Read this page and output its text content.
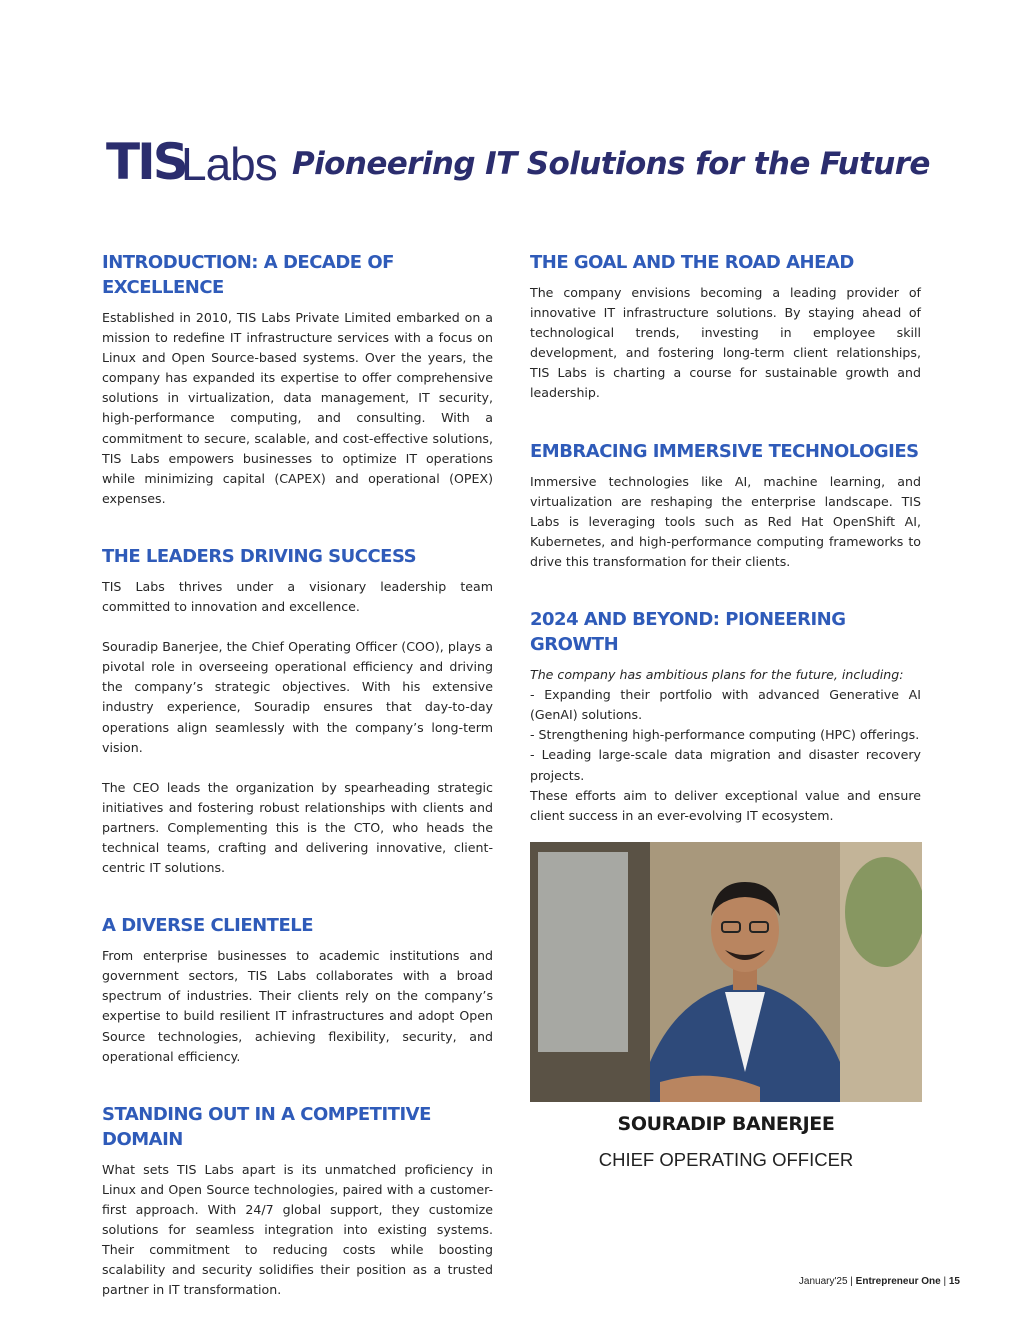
TIS
Labs Pioneering IT Solutions for the Future
INTRODUCTION: A DECADE OF EXCELLENCE

Established in 2010, TIS Labs Private Limited embarked on a mission to redefine IT infrastructure services with a focus on Linux and Open Source-based systems. Over the years, the company has expanded its expertise to offer comprehensive solutions in virtualization, data management, IT security, high-performance computing, and consulting. With a commitment to secure, scalable, and cost-effective solutions, TIS Labs empowers businesses to optimize IT operations while minimizing capital (CAPEX) and operational (OPEX) expenses.

THE LEADERS DRIVING SUCCESS

TIS Labs thrives under a visionary leadership team committed to innovation and excellence.

Souradip Banerjee, the Chief Operating Officer (COO), plays a pivotal role in overseeing operational efficiency and driving the company’s strategic objectives. With his extensive industry experience, Souradip ensures that day-to-day operations align seamlessly with the company’s long-term vision.

The CEO leads the organization by spearheading strategic initiatives and fostering robust relationships with clients and partners. Complementing this is the CTO, who heads the technical teams, crafting and delivering innovative, client-centric IT solutions.

A DIVERSE CLIENTELE

From enterprise businesses to academic institutions and government sectors, TIS Labs collaborates with a broad spectrum of industries. Their clients rely on the company’s expertise to build resilient IT infrastructures and adopt Open Source technologies, achieving flexibility, security, and operational efficiency.

STANDING OUT IN A COMPETITIVE DOMAIN

What sets TIS Labs apart is its unmatched proficiency in Linux and Open Source technologies, paired with a customer-first approach. With 24/7 global support, they customize solutions for seamless integration into existing systems. Their commitment to reducing costs while boosting scalability and security solidifies their position as a trusted partner in IT transformation.

THE GOAL AND THE ROAD AHEAD

The company envisions becoming a leading provider of innovative IT infrastructure solutions. By staying ahead of technological trends, investing in employee skill development, and fostering long-term client relationships, TIS Labs is charting a course for sustainable growth and leadership.

EMBRACING IMMERSIVE TECHNOLOGIES

Immersive technologies like AI, machine learning, and virtualization are reshaping the enterprise landscape. TIS Labs is leveraging tools such as Red Hat OpenShift AI, Kubernetes, and high-performance computing frameworks to drive this transformation for their clients.

2024 AND BEYOND: PIONEERING GROWTH

The company has ambitious plans for the future, including:

- Expanding their portfolio with advanced Generative AI (GenAI) solutions.

- Strengthening high-performance computing (HPC) offerings.

- Leading large-scale data migration and disaster recovery projects.

These efforts aim to deliver exceptional value and ensure client success in an ever-evolving IT ecosystem.

SOURADIP BANERJEE
CHIEF OPERATING OFFICER
January'25 | Entrepreneur One | 15
